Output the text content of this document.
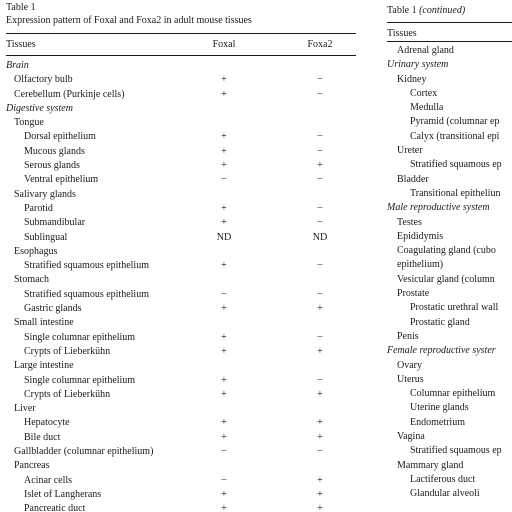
Table 1
Expression pattern of Foxal and Foxa2 in adult mouse tissues
Tissues	Foxal	Foxa2
Brain
Olfactory bulb	+	−
Cerebellum (Purkinje cells)	+	−
Digestive system
Tongue
Dorsal epithelium	+	−
Mucous glands	+	−
Serous glands	+	+
Ventral epithelium	−	−
Salivary glands
Parotid	+	−
Submandibular	+	−
Sublingual	ND	ND
Esophagus
Stratified squamous epithelium	+	−
Stomach
Stratified squamous epithelium	−	−
Gastric glands	+	+
Small intestine
Single columnar epithelium	+	−
Crypts of Lieberkühn	+	+
Large intestine
Single columnar epithelium	+	−
Crypts of Lieberkühn	+	+
Liver
Hepatocyte	+	+
Bile duct	+	+
Gallbladder (columnar epithelium)	−	−
Pancreas
Acinar cells	−	+
Islet of Langherans	+	+
Pancreatic duct	+	+
Table 1 (continued)
Tissues
Adrenal gland
Urinary system
Kidney
Cortex
Medulla
Pyramid (columnar ep
Calyx (transitional epi
Ureter
Stratified squamous ep
Bladder
Transitional epitheliun
Male reproductive system
Testes
Epididymis
Coagulating gland (cubo
epithelium)
Vesicular gland (column
Prostate
Prostatic urethral wall
Prostatic gland
Penis
Female reproductive syster
Ovary
Uterus
Columnar epithelium
Uterine glands
Endometrium
Vagina
Stratified squamous ep
Mammary gland
Lactiferous duct
Glandular alveoli
